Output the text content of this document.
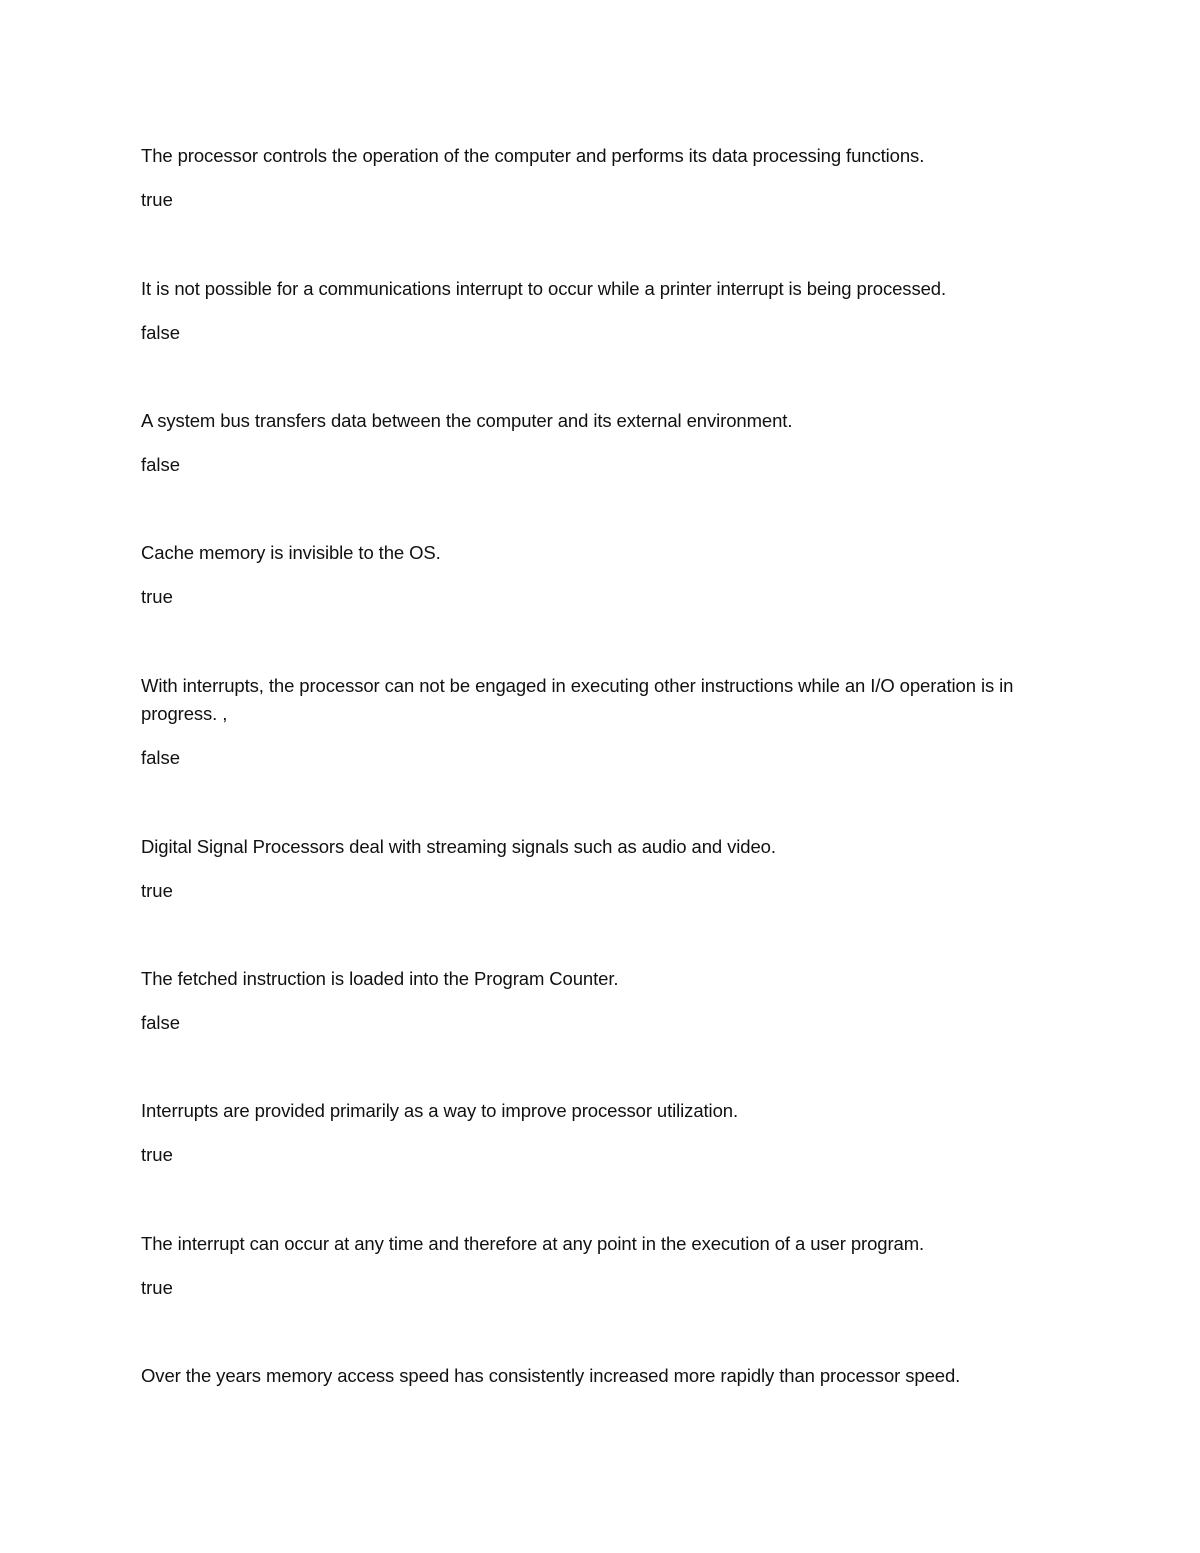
The processor controls the operation of the computer and performs its data processing functions.

true

It is not possible for a communications interrupt to occur while a printer interrupt is being processed.

false

A system bus transfers data between the computer and its external environment.

false

Cache memory is invisible to the OS.

true

With interrupts, the processor can not be engaged in executing other instructions while an I/O operation is in progress. ,

false

Digital Signal Processors deal with streaming signals such as audio and video.

true

The fetched instruction is loaded into the Program Counter.

false

Interrupts are provided primarily as a way to improve processor utilization.

true

The interrupt can occur at any time and therefore at any point in the execution of a user program.

true

Over the years memory access speed has consistently increased more rapidly than processor speed.
